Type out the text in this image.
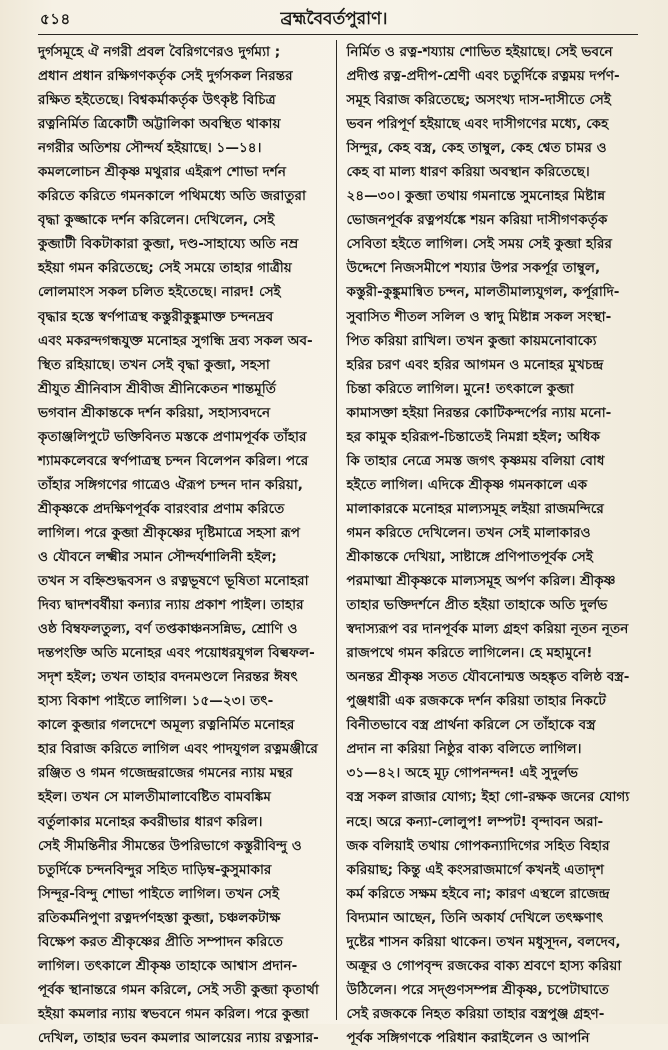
৫১৪	ব্রহ্মবৈবর্তপুরাণ।
দুর্গসমূহে ঐ নগরী প্রবল বৈরিগণেরও দুর্গম্যা ;
প্রধান প্রধান রক্ষিগণকর্তৃক সেই দুর্গসকল নিরন্তর
রক্ষিত হইতেছে। বিশ্বকর্মাকর্তৃক উৎকৃষ্ট বিচিত্র
রত্ননির্মিত ত্রিকোটী অট্টালিকা অবস্থিত থাকায়
নগরীর অতিশয় সৌন্দর্য হইয়াছে। ১—১৪।
কমললোচন শ্রীকৃষ্ণ মথুরার এইরূপ শোভা দর্শন
করিতে করিতে গমনকালে পথিমধ্যে অতি জরাতুরা
বৃদ্ধা কুজ্জাকে দর্শন করিলেন। দেখিলেন, সেই
কুব্জাটী বিকটাকারা কুব্জা, দণ্ড-সাহায্যে অতি নম্র
হইয়া গমন করিতেছে; সেই সময়ে তাহার গাত্রীয়
লোলমাংস সকল চলিত হইতেছে। নারদ! সেই
বৃদ্ধার হস্তে স্বর্ণপাত্রস্থ কস্তুরীকুঙ্কুমাক্ত চন্দনদ্রব
এবং মকরন্দগন্ধযুক্ত মনোহর সুগন্ধি দ্রব্য সকল অব-
স্থিত রহিয়াছে। তখন সেই বৃদ্ধা কুব্জা, সহসা
শ্রীযুত শ্রীনিবাস শ্রীবীজ শ্রীনিকেতন শান্তমূর্তি
ভগবান শ্রীকান্তকে দর্শন করিয়া, সহাস্যবদনে
কৃতাঞ্জলিপুটে ভক্তিবিনত মস্তকে প্রণামপূর্বক তাঁহার
শ্যামকলেবরে স্বর্ণপাত্রস্থ চন্দন বিলেপন করিল। পরে
তাঁহার সঙ্গিগণের গাত্রেও ঐরূপ চন্দন দান করিয়া,
শ্রীকৃষ্ণকে প্রদক্ষিণপূর্বক বারংবার প্রণাম করিতে
লাগিল। পরে কুব্জা শ্রীকৃষ্ণের দৃষ্টিমাত্রে সহসা রূপ
ও যৌবনে লক্ষ্মীর সমান সৌন্দর্যশালিনী হইল;
তখন স বহ্নিশুদ্ধবসন ও রত্নভূষণে ভূষিতা মনোহরা
দিব্য দ্বাদশবর্ষীয়া কন্যার ন্যায় প্রকাশ পাইল। তাহার
ওষ্ঠ বিম্বফলতুল্য, বর্ণ তপ্তকাঞ্চনসন্নিভ, শ্রোণি ও
দন্তপংক্তি অতি মনোহর এবং পয়োধরযুগল বিল্বফল-
সদৃশ হইল; তখন তাহার বদনমণ্ডলে নিরন্তর ঈষৎ
হাস্য বিকাশ পাইতে লাগিল। ১৫—২৩। তৎ-
কালে কুব্জার গলদেশে অমূল্য রত্ননির্মিত মনোহর
হার বিরাজ করিতে লাগিল এবং পাদযুগল রত্নমঞ্জীরে
রঞ্জিত ও গমন গজেন্দ্ররাজের গমনের ন্যায় মন্থর
হইল। তখন সে মালতীমালাবেষ্টিত বামবঙ্কিম
বর্তুলাকার মনোহর কবরীভার ধারণ করিল।
সেই সীমন্তিনীর সীমন্তের উপরিভাগে কস্তুরীবিন্দু ও
চতুর্দিকে চন্দনবিন্দুর সহিত দাড়িম্ব-কুসুমাকার
সিন্দূর-বিন্দু শোভা পাইতে লাগিল। তখন সেই
রতিকর্মনিপুণা রত্নদর্পণহস্তা কুব্জা, চঞ্চলকটাক্ষ
বিক্ষেপ করত শ্রীকৃষ্ণের প্রীতি সম্পাদন করিতে
লাগিল। তৎকালে শ্রীকৃষ্ণ তাহাকে আশ্বাস প্রদান-
পূর্বক স্থানান্তরে গমন করিলে, সেই সতী কুব্জা কৃতার্থা
হইয়া কমলার ন্যায় স্বভবনে গমন করিল। পরে কুব্জা
দেখিল, তাহার ভবন কমলার আলয়ের ন্যায় রত্নসার-
নির্মিত ও রত্ন-শয্যায় শোভিত হইয়াছে। সেই ভবনে
প্রদীপ্ত রত্ন-প্রদীপ-শ্রেণী এবং চতুর্দিকে রত্নময় দর্পণ-
সমূহ বিরাজ করিতেছে; অসংখ্য দাস-দাসীতে সেই
ভবন পরিপূর্ণ হইয়াছে এবং দাসীগণের মধ্যে, কেহ
সিন্দুর, কেহ বস্ত্র, কেহ তাম্বুল, কেহ শ্বেত চামর ও
কেহ বা মাল্য ধারণ করিয়া অবস্থান করিতেছে।
২৪—৩০। কুব্জা তথায় গমনান্তে সুমনোহর মিষ্টান্ন
ভোজনপূর্বক রত্নপর্যঙ্কে শয়ন করিয়া দাসীগণকর্তৃক
সেবিতা হইতে লাগিল। সেই সময় সেই কুব্জা হরির
উদ্দেশে নিজসমীপে শয্যার উপর সকর্পূর তাম্বুল,
কস্তুরী-কুঙ্কুমান্বিত চন্দন, মালতীমাল্যযুগল, কর্পূরাদি-
সুবাসিত শীতল সলিল ও স্বাদু মিষ্টান্ন সকল সংস্থা-
পিত করিয়া রাখিল। তখন কুব্জা কায়মনোবাক্যে
হরির চরণ এবং হরির আগমন ও মনোহর মুখচন্দ্র
চিন্তা করিতে লাগিল। মুনে! তৎকালে কুব্জা
কামাসক্তা হইয়া নিরন্তর কোটিকন্দর্পের ন্যায় মনো-
হর কামুক হরিরূপ-চিন্তাতেই নিমগ্না হইল; অধিক
কি তাহার নেত্রে সমস্ত জগৎ কৃষ্ণময় বলিয়া বোধ
হইতে লাগিল। এদিকে শ্রীকৃষ্ণ গমনকালে এক
মালাকারকে মনোহর মাল্যসমূহ লইয়া রাজমন্দিরে
গমন করিতে দেখিলেন। তখন সেই মালাকারও
শ্রীকান্তকে দেখিয়া, সাষ্টাঙ্গে প্রণিপাতপূর্বক সেই
পরমাত্মা শ্রীকৃষ্ণকে মাল্যসমূহ অর্পণ করিল। শ্রীকৃষ্ণ
তাহার ভক্তিদর্শনে প্রীত হইয়া তাহাকে অতি দুর্লভ
স্বদাস্যরূপ বর দানপূর্বক মাল্য গ্রহণ করিয়া নূতন নূতন
রাজপথে গমন করিতে লাগিলেন। হে মহামুনে!
অনন্তর শ্রীকৃষ্ণ সতত যৌবনোন্মত্ত অহঙ্কৃত বলিষ্ঠ বস্ত্র-
পুঞ্জধারী এক রজককে দর্শন করিয়া তাহার নিকটে
বিনীতভাবে বস্ত্র প্রার্থনা করিলে সে তাঁহাকে বস্ত্র
প্রদান না করিয়া নিষ্ঠুর বাক্য বলিতে লাগিল।
৩১—৪২। অহে মূঢ় গোপনন্দন! এই সুদুর্লভ
বস্ত্র সকল রাজার যোগ্য; ইহা গো-রক্ষক জনের যোগ্য
নহে। অরে কন্যা-লোলুপ! লম্পট! বৃন্দাবন অরা-
জক বলিয়াই তথায় গোপকন্যাদিগের সহিত বিহার
করিয়াছ; কিন্তু এই কংসরাজমার্গে কখনই এতাদৃশ
কর্ম করিতে সক্ষম হইবে না; কারণ এস্থলে রাজেন্দ্র
বিদ্যমান আছেন, তিনি অকার্য দেখিলে তৎক্ষণাৎ
দুষ্টের শাসন করিয়া থাকেন। তখন মধুসূদন, বলদেব,
অক্রূর ও গোপবৃন্দ রজকের বাক্য শ্রবণে হাস্য করিয়া
উঠিলেন। পরে সদ্গুণসম্পন্ন শ্রীকৃষ্ণ, চপেটাঘাতে
সেই রজককে নিহত করিয়া তাহার বস্ত্রপুঞ্জ গ্রহণ-
পূর্বক সঙ্গিগণকে পরিধান করাইলেন ও আপনি
